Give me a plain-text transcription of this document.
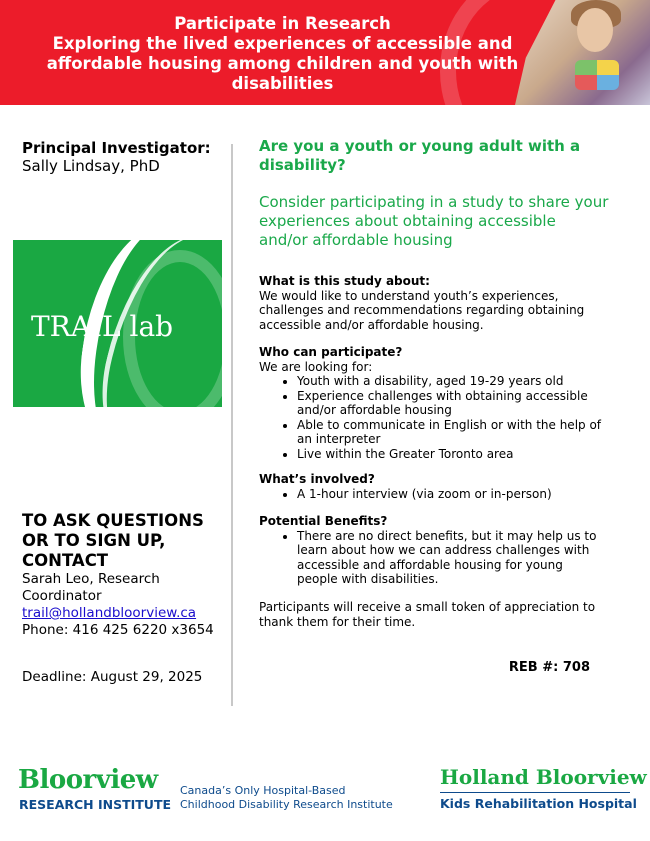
Participate in Research
Exploring the lived experiences of accessible and
affordable housing among children and youth with
disabilities
Principal Investigator:
Sally Lindsay, PhD
TRAIL lab
TO ASK QUESTIONS OR TO SIGN UP, CONTACT
Sarah Leo, Research Coordinator
trail@hollandbloorview.ca
Phone: 416 425 6220 x3654
Deadline: August 29, 2025
Are you a youth or young adult with a disability?
Consider participating in a study to share your experiences about obtaining accessible and/or affordable housing
What is this study about:
We would like to understand youth’s experiences, challenges and recommendations regarding obtaining accessible and/or affordable housing.
Who can participate?
We are looking for:
• Youth with a disability, aged 19-29 years old
• Experience challenges with obtaining accessible and/or affordable housing
• Able to communicate in English or with the help of an interpreter
• Live within the Greater Toronto area
What’s involved?
• A 1-hour interview (via zoom or in-person)
Potential Benefits?
• There are no direct benefits, but it may help us to learn about how we can address challenges with accessible and affordable housing for young people with disabilities.
Participants will receive a small token of appreciation to thank them for their time.
REB #: 708
Bloorview
RESEARCH INSTITUTE
Canada’s Only Hospital-Based
Childhood Disability Research Institute
Holland Bloorview
Kids Rehabilitation Hospital
